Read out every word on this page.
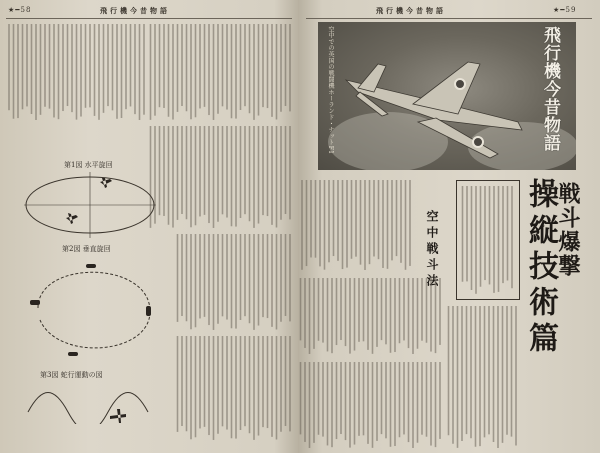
★━58	飛行機今昔物語
第1図 水平旋回
第2図 垂直旋回
第3図 蛇行運動の図
飛行機今昔物語	★━59
飛行機今昔物語
空中での英国の戦闘機ホーランド・ナットF1
戦斗爆撃
操縦技術篇
空中戦斗法
